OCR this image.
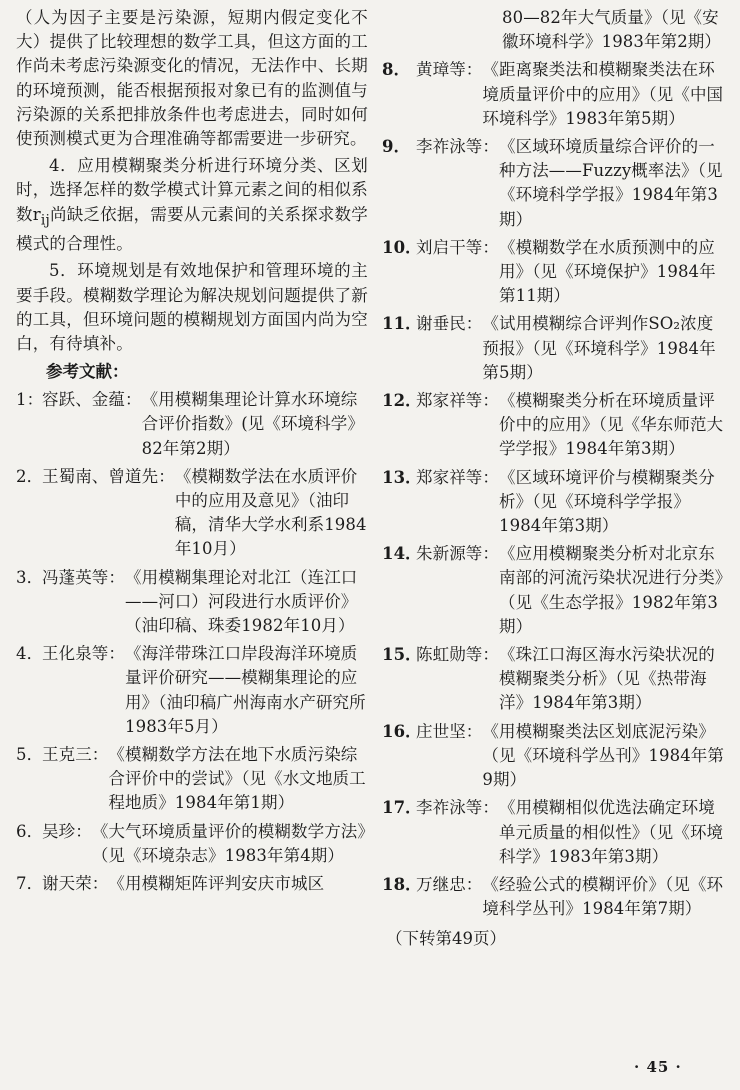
（人为因子主要是污染源，短期内假定变化不大）提供了比较理想的数学工具，但这方面的工作尚未考虑污染源变化的情况，无法作中、长期的环境预测，能否根据预报对象已有的监测值与污染源的关系把排放条件也考虑进去，同时如何使预测模式更为合理准确等都需要进一步研究。

4．应用模糊聚类分析进行环境分类、区划时，选择怎样的数学模式计算元素之间的相似系数$r_{ij}$尚缺乏依据，需要从元素间的关系探求数学模式的合理性。

5．环境规划是有效地保护和管理环境的主要手段。模糊数学理论为解决规划问题提供了新的工具，但环境问题的模糊规划方面国内尚为空白，有待填补。

参考文献：
1：
容跃、金蕴： 《用模糊集理论计算水环境综合评价指数》(见《环境科学》82年第2期）
2．
王蜀南、曾道先： 《模糊数学法在水质评价中的应用及意见》（油印稿，清华大学水利系1984年10月）
3．
冯蓬英等： 《用模糊集理论对北江（连江口——河口）河段进行水质评价》（油印稿、珠委1982年10月）
4．
王化泉等： 《海洋带珠江口岸段海洋环境质量评价研究——模糊集理论的应用》（油印稿广州海南水产研究所1983年5月）
5．
王克三： 《模糊数学方法在地下水质污染综合评价中的尝试》（见《水文地质工程地质》1984年第1期）
6．
吴珍： 《大气环境质量评价的模糊数学方法》（见《环境杂志》1983年第4期）
7．
谢天荣： 《用模糊矩阵评判安庆市城区
80—82年大气质量》（见《安徽环境科学》1983年第2期）
8． 黄璋等： 《距离聚类法和模糊聚类法在环境质量评价中的应用》（见《中国环境科学》1983年第5期）
9． 李祚泳等： 《区域环境质量综合评价的一种方法——Fuzzy概率法》（见《环境科学学报》1984年第3期）
10．
刘启干等： 《模糊数学在水质预测中的应用》（见《环境保护》1984年第11期）
11．
谢垂民： 《试用模糊综合评判作SO₂浓度预报》（见《环境科学》1984年第5期）
12．
郑家祥等： 《模糊聚类分析在环境质量评价中的应用》（见《华东师范大学学报》1984年第3期）
13．
郑家祥等： 《区域环境评价与模糊聚类分析》（见《环境科学学报》1984年第3期）
14．
朱新源等： 《应用模糊聚类分析对北京东南部的河流污染状况进行分类》（见《生态学报》1982年第3期）
15．
陈虹勋等： 《珠江口海区海水污染状况的模糊聚类分析》（见《热带海洋》1984年第3期）
16．
庄世坚： 《用模糊聚类法区划底泥污染》（见《环境科学丛刊》1984年第9期）
17．
李祚泳等： 《用模糊相似优选法确定环境单元质量的相似性》（见《环境科学》1983年第3期）
18．
万继忠： 《经验公式的模糊评价》（见《环境科学丛刊》1984年第7期）
（下转第49页）
· 45 ·
